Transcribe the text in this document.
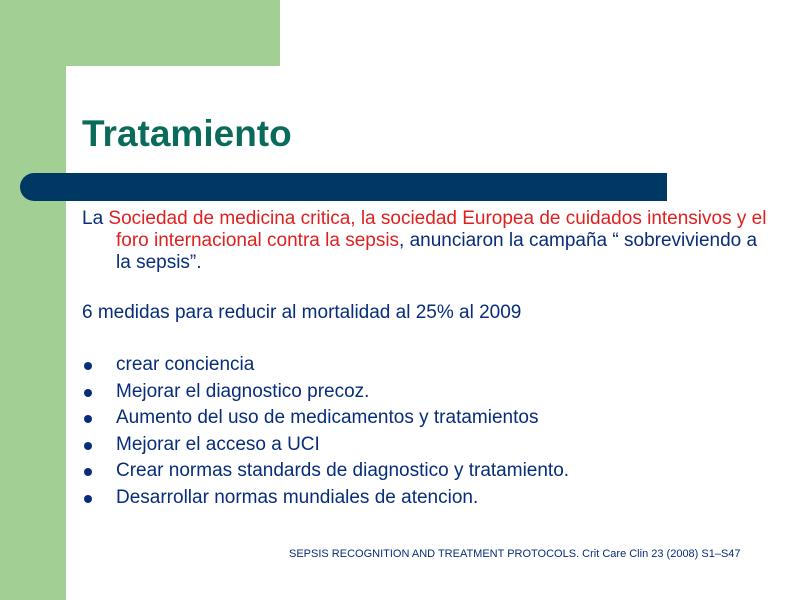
Tratamiento

La Sociedad de medicina critica, la sociedad Europea de cuidados intensivos y el foro internacional contra la sepsis, anunciaron la campaña “ sobreviviendo a la sepsis”.

6 medidas para reducir al mortalidad al 25% al 2009

crear conciencia
Mejorar el diagnostico precoz.
Aumento del uso de medicamentos y tratamientos
Mejorar el acceso a UCI
Crear normas standards de diagnostico y tratamiento.
Desarrollar normas mundiales de atencion.
SEPSIS RECOGNITION AND TREATMENT PROTOCOLS. Crit Care Clin 23 (2008) S1–S47
